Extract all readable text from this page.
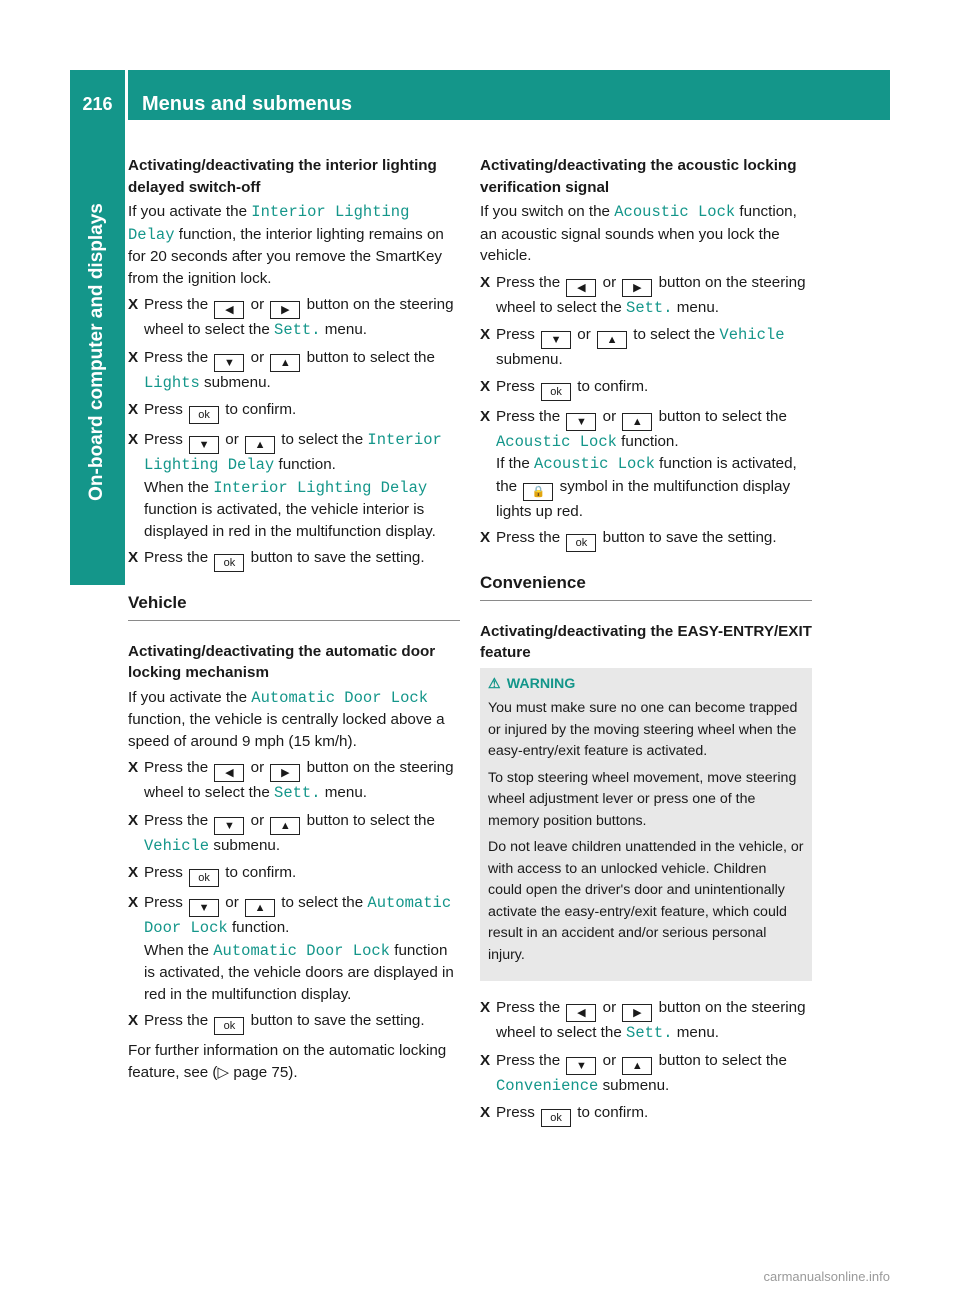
216	Menus and submenus
On-board computer and displays
Activating/deactivating the interior lighting delayed switch-off
If you activate the Interior Lighting Delay function, the interior lighting remains on for 20 seconds after you remove the SmartKey from the ignition lock.
X Press the ◀ or ▶ button on the steering wheel to select the Sett. menu.
X Press the ▼ or ▲ button to select the Lights submenu.
X Press ok to confirm.
X Press ▼ or ▲ to select the Interior Lighting Delay function.
When the Interior Lighting Delay function is activated, the vehicle interior is displayed in red in the multifunction display.
X Press the ok button to save the setting.
Vehicle
Activating/deactivating the automatic door locking mechanism
If you activate the Automatic Door Lock function, the vehicle is centrally locked above a speed of around 9 mph (15 km/h).
X Press the ◀ or ▶ button on the steering wheel to select the Sett. menu.
X Press the ▼ or ▲ button to select the Vehicle submenu.
X Press ok to confirm.
X Press ▼ or ▲ to select the Automatic Door Lock function.
When the Automatic Door Lock function is activated, the vehicle doors are displayed in red in the multifunction display.
X Press the ok button to save the setting.
For further information on the automatic locking feature, see (▷ page 75).
Activating/deactivating the acoustic locking verification signal
If you switch on the Acoustic Lock function, an acoustic signal sounds when you lock the vehicle.
X Press the ◀ or ▶ button on the steering wheel to select the Sett. menu.
X Press ▼ or ▲ to select the Vehicle submenu.
X Press ok to confirm.
X Press the ▼ or ▲ button to select the Acoustic Lock function.
If the Acoustic Lock function is activated, the 🔒 symbol in the multifunction display lights up red.
X Press the ok button to save the setting.
Convenience
Activating/deactivating the EASY-ENTRY/EXIT feature
⚠ WARNING

You must make sure no one can become trapped or injured by the moving steering wheel when the easy-entry/exit feature is activated.

To stop steering wheel movement, move steering wheel adjustment lever or press one of the memory position buttons.

Do not leave children unattended in the vehicle, or with access to an unlocked vehicle. Children could open the driver's door and unintentionally activate the easy-entry/exit feature, which could result in an accident and/or serious personal injury.

X Press the ◀ or ▶ button on the steering wheel to select the Sett. menu.
X Press the ▼ or ▲ button to select the Convenience submenu.
X Press ok to confirm.
carmanualsonline.info
